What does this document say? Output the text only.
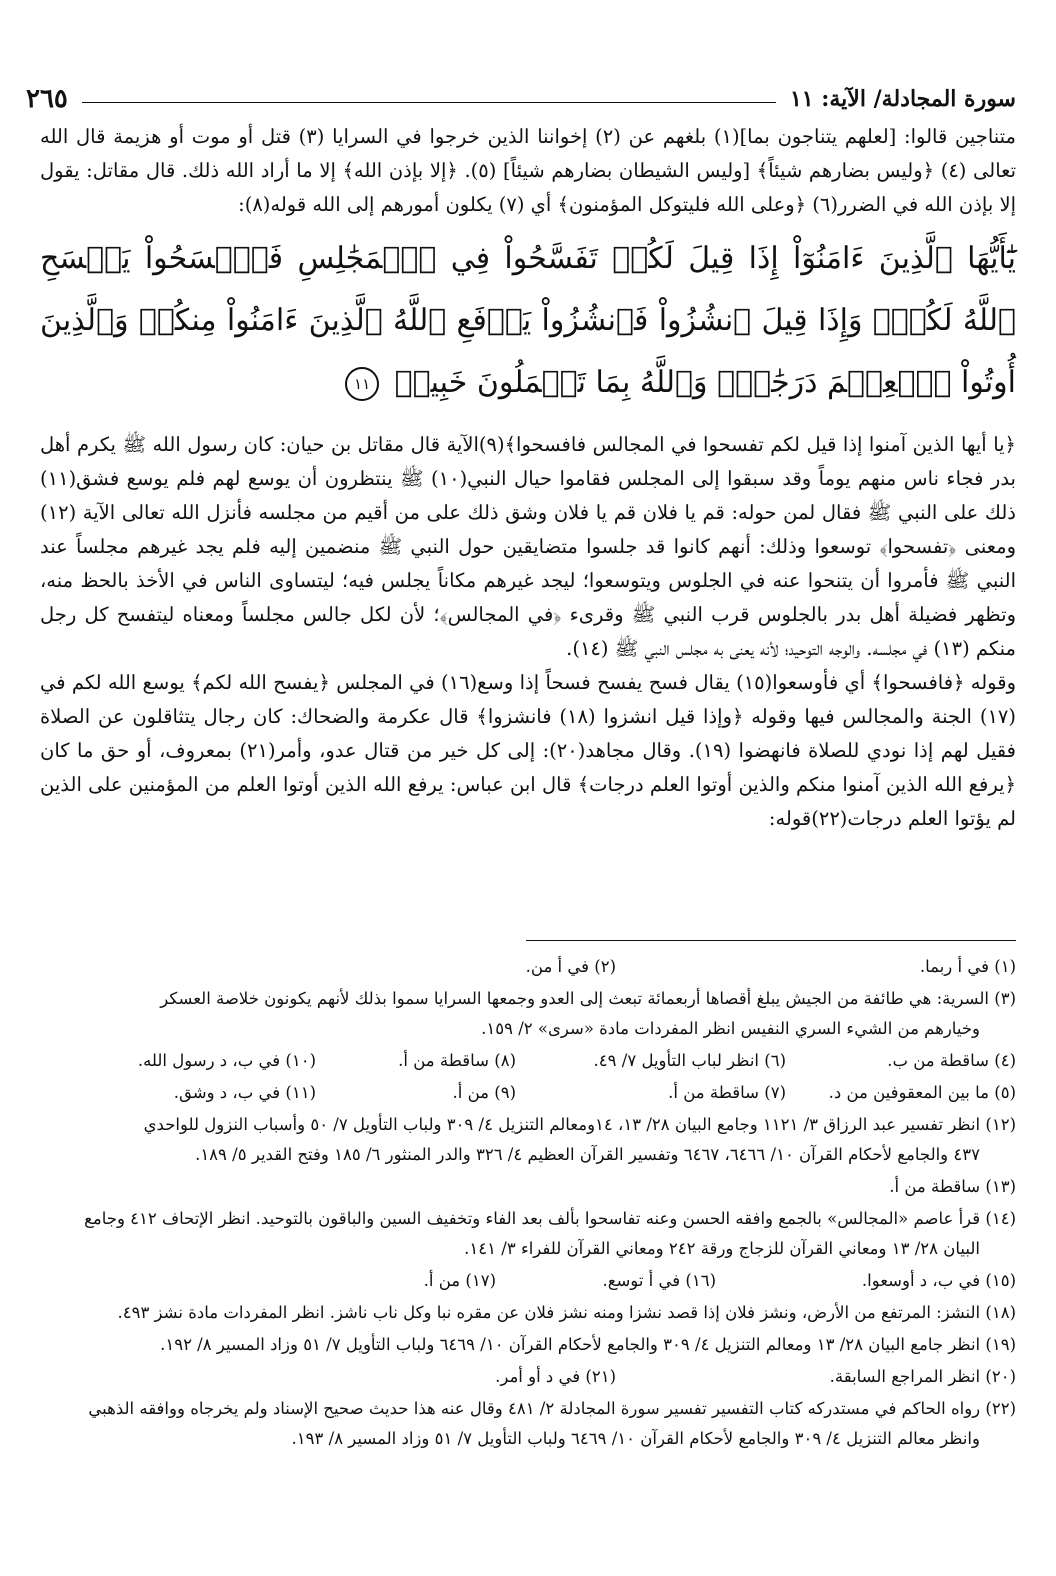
سورة المجادلة/ الآية: ١١
٢٦٥

متناجين قالوا: [لعلهم يتناجون بما](١) بلغهم عن (٢) إخواننا الذين خرجوا في السرايا (٣) قتل أو موت أو هزيمة قال الله تعالى (٤) ﴿وليس بضارهم شيئاً﴾ [وليس الشيطان بضارهم شيئاً] (٥). ﴿إلا بإذن الله﴾ إلا ما أراد الله ذلك. قال مقاتل: يقول إلا بإذن الله في الضرر(٦) ﴿وعلى الله فليتوكل المؤمنون﴾ أي (٧) يكلون أمورهم إلى الله قوله(٨):

يَٰٓأَيُّهَا ٱلَّذِينَ ءَامَنُوٓاْ إِذَا قِيلَ لَكُمۡ تَفَسَّحُواْ فِي ٱلۡمَجَٰلِسِ فَٱفۡسَحُواْ يَفۡسَحِ ٱللَّهُ لَكُمۡۖ وَإِذَا قِيلَ ٱنشُزُواْ فَٱنشُزُواْ يَرۡفَعِ ٱللَّهُ ٱلَّذِينَ ءَامَنُواْ مِنكُمۡ وَٱلَّذِينَ أُوتُواْ ٱلۡعِلۡمَ دَرَجَٰتٖۚ وَٱللَّهُ بِمَا تَعۡمَلُونَ خَبِيرٞ ١١

﴿يا أيها الذين آمنوا إذا قيل لكم تفسحوا في المجالس فافسحوا﴾(٩)الآية قال مقاتل بن حيان: كان رسول الله ﷺ يكرم أهل بدر فجاء ناس منهم يوماً وقد سبقوا إلى المجلس فقاموا حيال النبي(١٠) ﷺ ينتظرون أن يوسع لهم فلم يوسع فشق(١١) ذلك على النبي ﷺ فقال لمن حوله: قم يا فلان قم يا فلان وشق ذلك على من أقيم من مجلسه فأنزل الله تعالى الآية (١٢) ومعنى ﴿تفسحوا﴾ توسعوا وذلك: أنهم كانوا قد جلسوا متضايقين حول النبي ﷺ منضمين إليه فلم يجد غيرهم مجلساً عند النبي ﷺ فأمروا أن يتنحوا عنه في الجلوس ويتوسعوا؛ ليجد غيرهم مكاناً يجلس فيه؛ ليتساوى الناس في الأخذ بالحظ منه، وتظهر فضيلة أهل بدر بالجلوس قرب النبي ﷺ وقرىء ﴿في المجالس﴾؛ لأن لكل جالس مجلساً ومعناه ليتفسح كل رجل منكم (١٣) في مجلسه. والوجه التوحيد؛ لأنه يعنى به مجلس النبي ﷺ (١٤).

وقوله ﴿فافسحوا﴾ أي فأوسعوا(١٥) يقال فسح يفسح فسحاً إذا وسع(١٦) في المجلس ﴿يفسح الله لكم﴾ يوسع الله لكم في (١٧) الجنة والمجالس فيها وقوله ﴿وإذا قيل انشزوا (١٨) فانشزوا﴾ قال عكرمة والضحاك: كان رجال يتثاقلون عن الصلاة فقيل لهم إذا نودي للصلاة فانهضوا (١٩). وقال مجاهد(٢٠): إلى كل خير من قتال عدو، وأمر(٢١) بمعروف، أو حق ما كان ﴿يرفع الله الذين آمنوا منكم والذين أوتوا العلم درجات﴾ قال ابن عباس: يرفع الله الذين أوتوا العلم من المؤمنين على الذين لم يؤتوا العلم درجات(٢٢)قوله:

(١) في أ ربما.
(٢) في أ من.

(٣) السرية: هي طائفة من الجيش يبلغ أقصاها أربعمائة تبعث إلى العدو وجمعها السرايا سموا بذلك لأنهم يكونون خلاصة العسكر
وخيارهم من الشيء السري النفيس انظر المفردات مادة «سرى» ٢/ ١٥٩.

(٤) ساقطة من ب.
(٦) انظر لباب التأويل ٧/ ٤٩.
(٨) ساقطة من أ.
(١٠) في ب، د رسول الله.
(٥) ما بين المعقوفين من د.
(٧) ساقطة من أ.
(٩) من أ.
(١١) في ب، د وشق.

(١٢) انظر تفسير عبد الرزاق ٣/ ١١٢١ وجامع البيان ٢٨/ ١٣، ١٤ومعالم التنزيل ٤/ ٣٠٩ ولباب التأويل ٧/ ٥٠ وأسباب النزول للواحدي
٤٣٧ والجامع لأحكام القرآن ١٠/ ٦٤٦٦، ٦٤٦٧ وتفسير القرآن العظيم ٤/ ٣٢٦ والدر المنثور ٦/ ١٨٥ وفتح القدير ٥/ ١٨٩.

(١٣) ساقطة من أ.

(١٤) قرأ عاصم «المجالس» بالجمع وافقه الحسن وعنه تفاسحوا بألف بعد الفاء وتخفيف السين والباقون بالتوحيد. انظر الإتحاف ٤١٢ وجامع
البيان ٢٨/ ١٣ ومعاني القرآن للزجاج ورقة ٢٤٢ ومعاني القرآن للفراء ٣/ ١٤١.

(١٥) في ب، د أوسعوا.
(١٦) في أ توسع.
(١٧) من أ.

(١٨) النشز: المرتفع من الأرض، ونشز فلان إذا قصد نشزا ومنه نشز فلان عن مقره نبا وكل ناب ناشز. انظر المفردات مادة نشز ٤٩٣.

(١٩) انظر جامع البيان ٢٨/ ١٣ ومعالم التنزيل ٤/ ٣٠٩ والجامع لأحكام القرآن ١٠/ ٦٤٦٩ ولباب التأويل ٧/ ٥١ وزاد المسير ٨/ ١٩٢.

(٢٠) انظر المراجع السابقة.
(٢١) في د أو أمر.

(٢٢) رواه الحاكم في مستدركه كتاب التفسير تفسير سورة المجادلة ٢/ ٤٨١ وقال عنه هذا حديث صحيح الإسناد ولم يخرجاه ووافقه الذهبي
وانظر معالم التنزيل ٤/ ٣٠٩ والجامع لأحكام القرآن ١٠/ ٦٤٦٩ ولباب التأويل ٧/ ٥١ وزاد المسير ٨/ ١٩٣.
